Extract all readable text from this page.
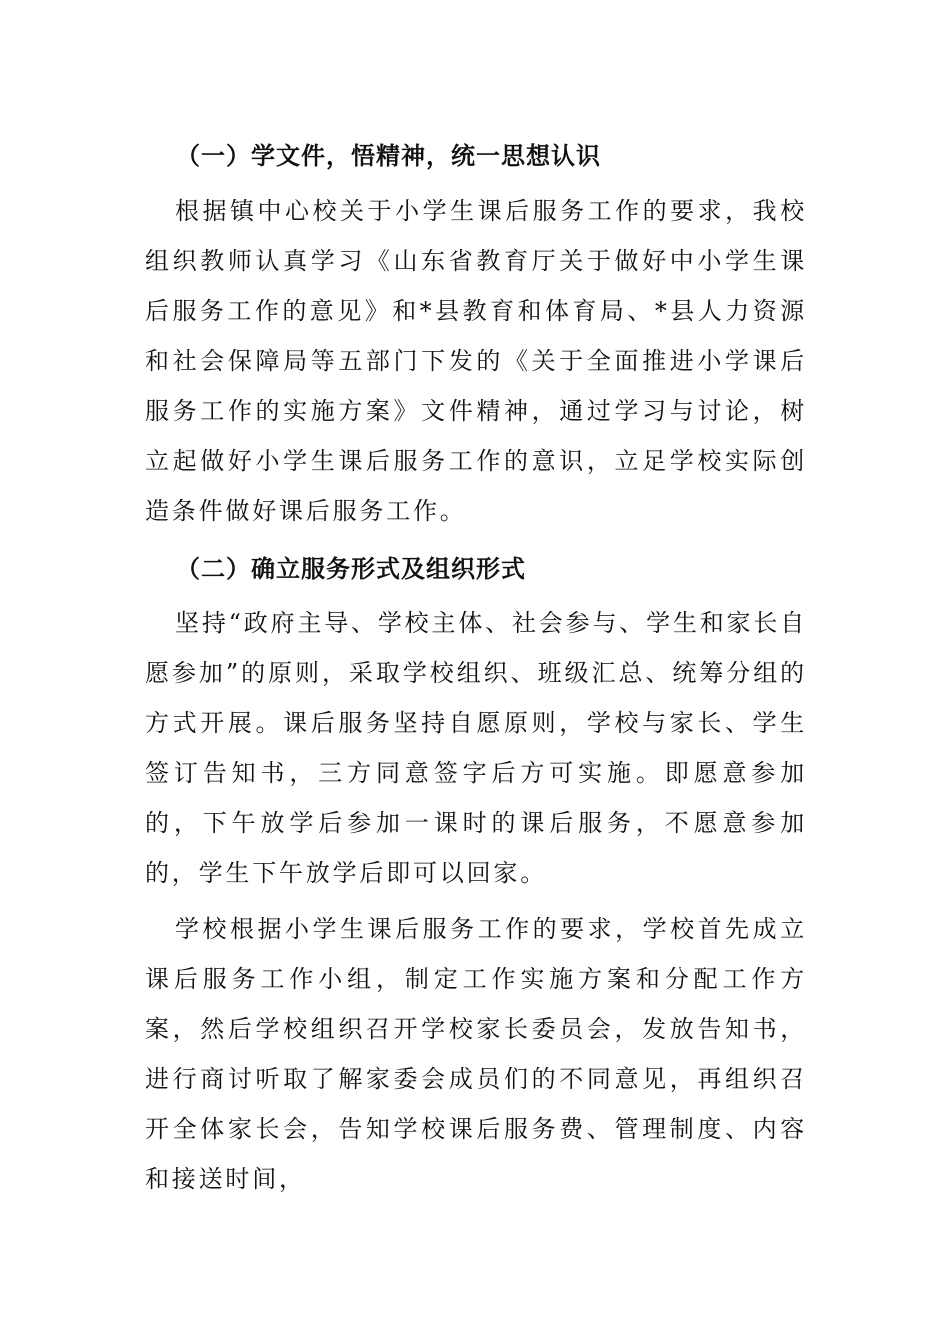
（一）学文件，悟精神，统一思想认识

根据镇中心校关于小学生课后服务工作的要求，我校组织教师认真学习《山东省教育厅关于做好中小学生课后服务工作的意见》和*县教育和体育局、*县人力资源和社会保障局等五部门下发的《关于全面推进小学课后服务工作的实施方案》文件精神，通过学习与讨论，树立起做好小学生课后服务工作的意识，立足学校实际创造条件做好课后服务工作。

（二）确立服务形式及组织形式

坚持“政府主导、学校主体、社会参与、学生和家长自愿参加”的原则，采取学校组织、班级汇总、统筹分组的方式开展。课后服务坚持自愿原则，学校与家长、学生签订告知书，三方同意签字后方可实施。即愿意参加的，下午放学后参加一课时的课后服务，不愿意参加的，学生下午放学后即可以回家。

学校根据小学生课后服务工作的要求，学校首先成立课后服务工作小组，制定工作实施方案和分配工作方案，然后学校组织召开学校家长委员会，发放告知书，进行商讨听取了解家委会成员们的不同意见，再组织召开全体家长会，告知学校课后服务费、管理制度、内容和接送时间，
